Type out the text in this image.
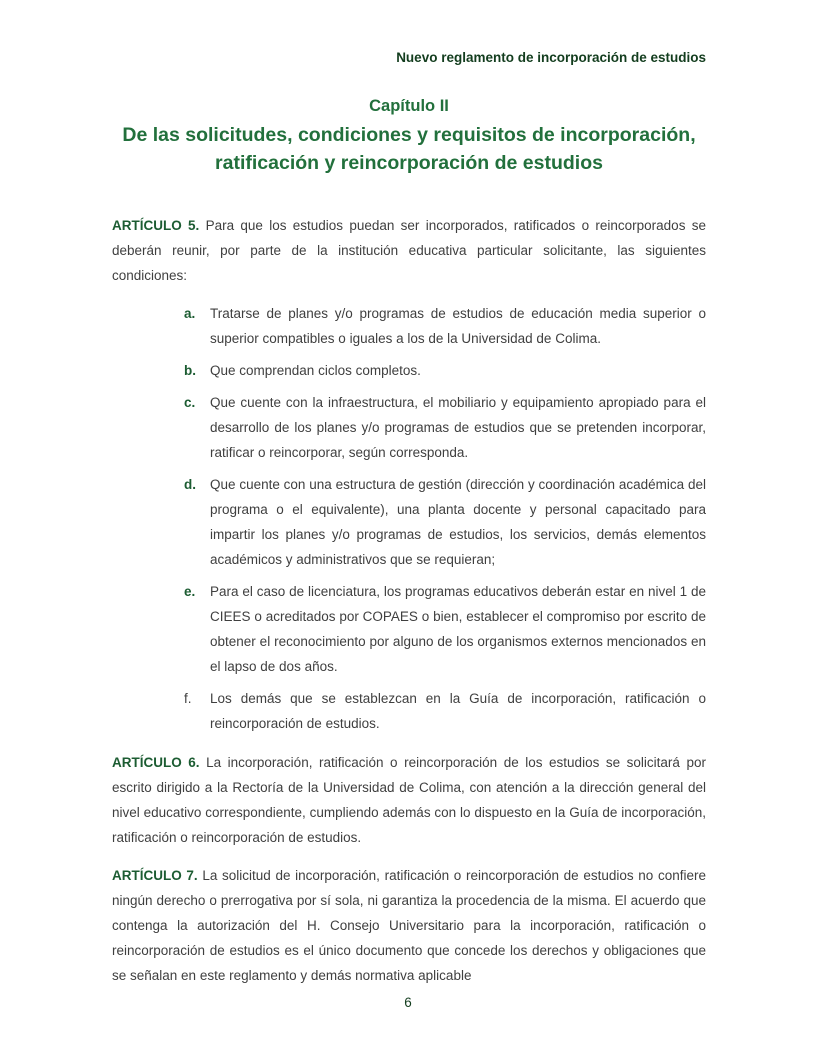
Nuevo reglamento de incorporación de estudios
Capítulo II
De las solicitudes, condiciones y requisitos de incorporación, ratificación y reincorporación de estudios

ARTÍCULO 5. Para que los estudios puedan ser incorporados, ratificados o reincorporados se deberán reunir, por parte de la institución educativa particular solicitante, las siguientes condiciones:

a.	Tratarse de planes y/o programas de estudios de educación media superior o superior compatibles o iguales a los de la Universidad de Colima.
b.	Que comprendan ciclos completos.
c.	Que cuente con la infraestructura, el mobiliario y equipamiento apropiado para el desarrollo de los planes y/o programas de estudios que se pretenden incorporar, ratificar o reincorporar, según corresponda.
d.	Que cuente con una estructura de gestión (dirección y coordinación académica del programa o el equivalente), una planta docente y personal capacitado para impartir los planes y/o programas de estudios, los servicios, demás elementos académicos y administrativos que se requieran;
e.	Para el caso de licenciatura, los programas educativos deberán estar en nivel 1 de CIEES o acreditados por COPAES o bien, establecer el compromiso por escrito de obtener el reconocimiento por alguno de los organismos externos mencionados en el lapso de dos años.
f.	Los demás que se establezcan en la Guía de incorporación, ratificación o reincorporación de estudios.

ARTÍCULO 6. La incorporación, ratificación o reincorporación de los estudios se solicitará por escrito dirigido a la Rectoría de la Universidad de Colima, con atención a la dirección general del nivel educativo correspondiente, cumpliendo además con lo dispuesto en la Guía de incorporación, ratificación o reincorporación de estudios.

ARTÍCULO 7. La solicitud de incorporación, ratificación o reincorporación de estudios no confiere ningún derecho o prerrogativa por sí sola, ni garantiza la procedencia de la misma. El acuerdo que contenga la autorización del H. Consejo Universitario para la incorporación, ratificación o reincorporación de estudios es el único documento que concede los derechos y obligaciones que se señalan en este reglamento y demás normativa aplicable

6
